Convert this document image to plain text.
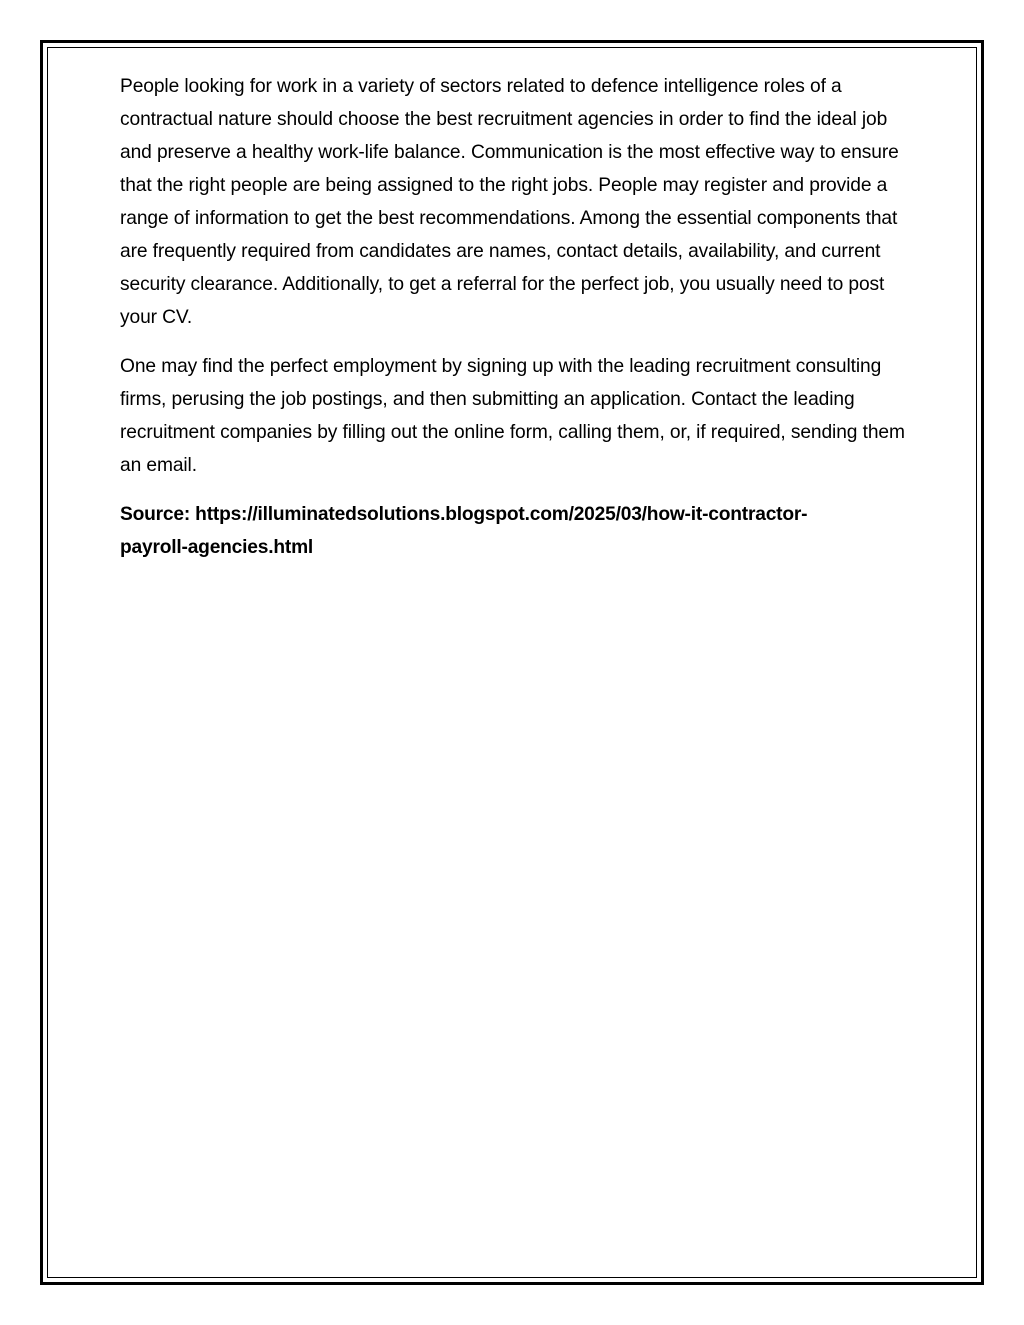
People looking for work in a variety of sectors related to defence intelligence roles of a contractual nature should choose the best recruitment agencies in order to find the ideal job and preserve a healthy work-life balance. Communication is the most effective way to ensure that the right people are being assigned to the right jobs. People may register and provide a range of information to get the best recommendations. Among the essential components that are frequently required from candidates are names, contact details, availability, and current security clearance. Additionally, to get a referral for the perfect job, you usually need to post your CV.

One may find the perfect employment by signing up with the leading recruitment consulting firms, perusing the job postings, and then submitting an application. Contact the leading recruitment companies by filling out the online form, calling them, or, if required, sending them an email.

Source: https://illuminatedsolutions.blogspot.com/2025/03/how-it-contractor-
payroll-agencies.html
